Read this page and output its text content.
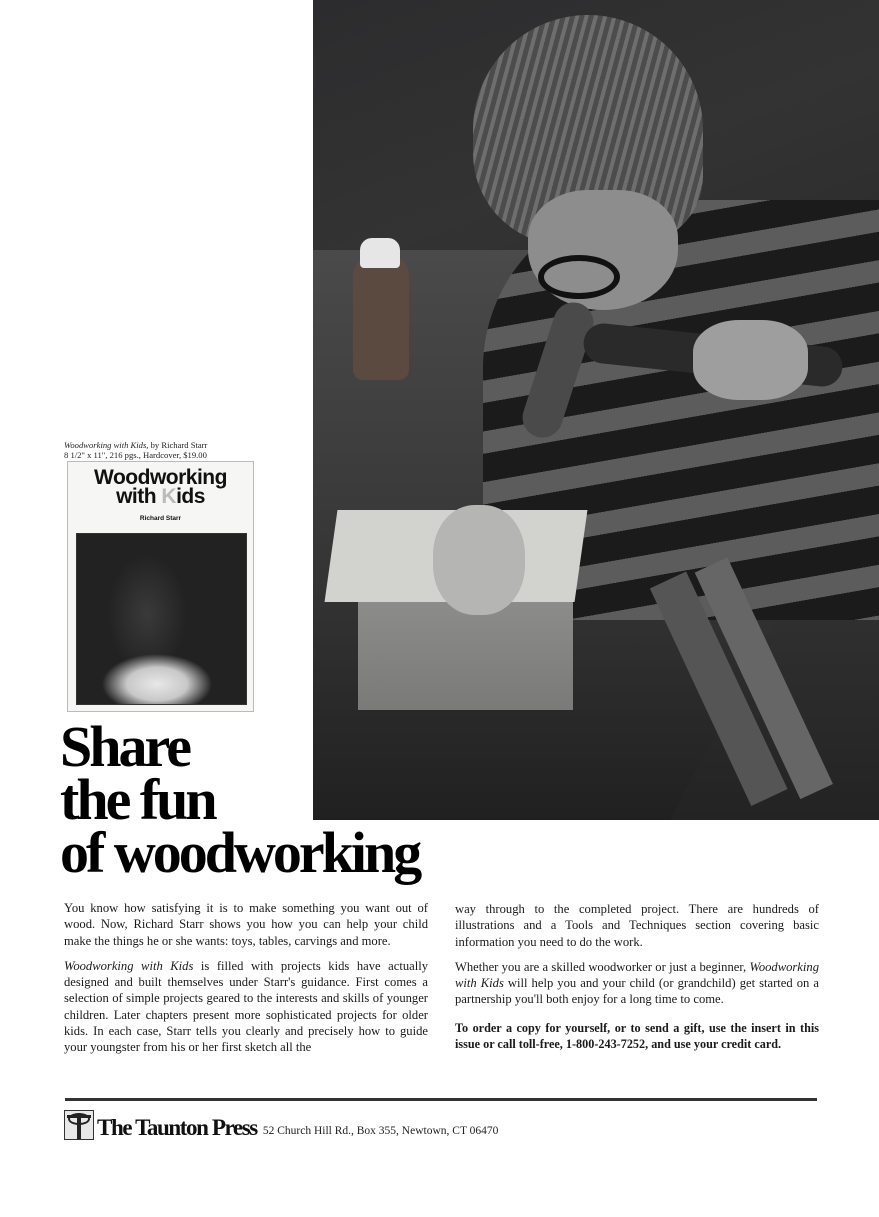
Woodworking with Kids, by Richard Starr
8 1/2" x 11", 216 pgs., Hardcover, $19.00
Woodworking
with Kids
Richard Starr
Share
the fun
of woodworking

You know how satisfying it is to make something you want out of wood. Now, Richard Starr shows you how you can help your child make the things he or she wants: toys, tables, carvings and more.

Woodworking with Kids is filled with projects kids have actually designed and built themselves under Starr's guidance. First comes a selection of simple projects geared to the interests and skills of younger children. Later chapters present more sophisticated projects for older kids. In each case, Starr tells you clearly and precisely how to guide your youngster from his or her first sketch all the

way through to the completed project. There are hundreds of illustrations and a Tools and Techniques section covering basic information you need to do the work.

Whether you are a skilled woodworker or just a beginner, Woodworking with Kids will help you and your child (or grandchild) get started on a partnership you'll both enjoy for a long time to come.

To order a copy for yourself, or to send a gift, use the insert in this issue or call toll-free, 1-800-243-7252, and use your credit card.

The Taunton Press 52 Church Hill Rd., Box 355, Newtown, CT 06470
